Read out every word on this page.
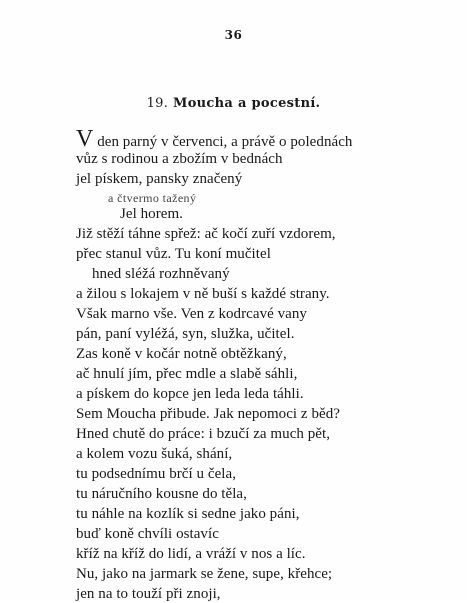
36
19. Moucha a pocestní.
V den parný v červenci, a právě o polednách
vůz s rodinou a zbožím v bednách
jel pískem, pansky značený
a čtvermo tažený
Jel horem.
Již stěží táhne spřež: ač kočí zuří vzdorem,
přec stanul vůz. Tu koní mučitel
hned sléžá rozhněvaný
a žilou s lokajem v ně buší s každé strany.
Však marno vše. Ven z kodrcavé vany
pán, paní vyléžá, syn, služka, učitel.
Zas koně v kočár notně obtěžkaný,
ač hnulí jím, přec mdle a slabě sáhli,
a pískem do kopce jen leda leda táhli.
Sem Moucha přibude. Jak nepomoci z běd?
Hned chutě do práce: i bzučí za much pět,
a kolem vozu šuká, shání,
tu podsednímu brčí u čela,
tu náručního kousne do těla,
tu náhle na kozlík si sedne jako páni,
buď koně chvíli ostavíc
kříž na kříž do lidí, a vráží v nos a líc.
Nu, jako na jarmark se žene, supe, křehce;
jen na to touží při znoji,
